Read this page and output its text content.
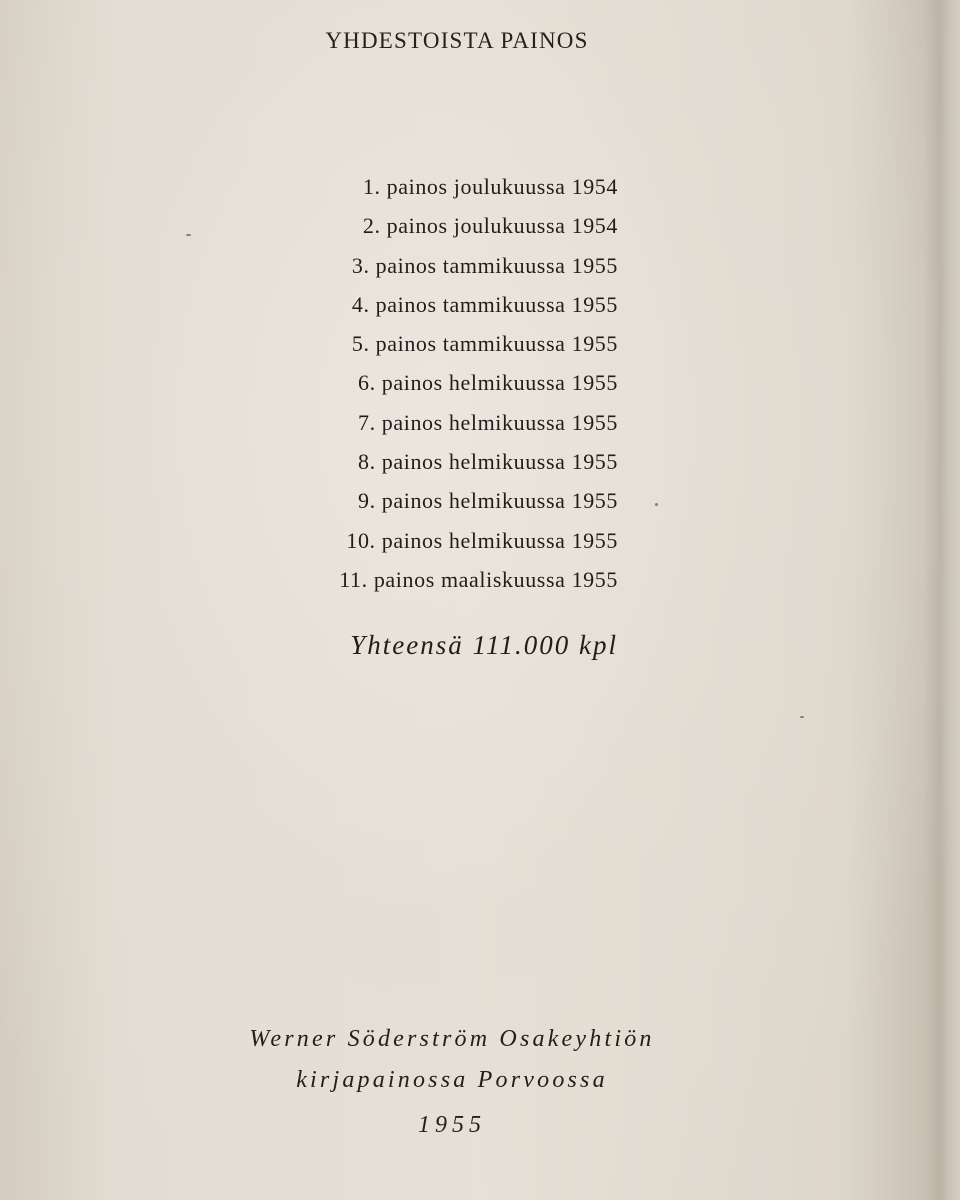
YHDESTOISTA PAINOS
1. painos joulukuussa 1954
2. painos joulukuussa 1954
3. painos tammikuussa 1955
4. painos tammikuussa 1955
5. painos tammikuussa 1955
6. painos helmikuussa 1955
7. painos helmikuussa 1955
8. painos helmikuussa 1955
9. painos helmikuussa 1955
10. painos helmikuussa 1955
11. painos maaliskuussa 1955
Yhteensä 111.000 kpl
Werner Söderström Osakeyhtiön
kirjapainossa Porvoossa
1955
